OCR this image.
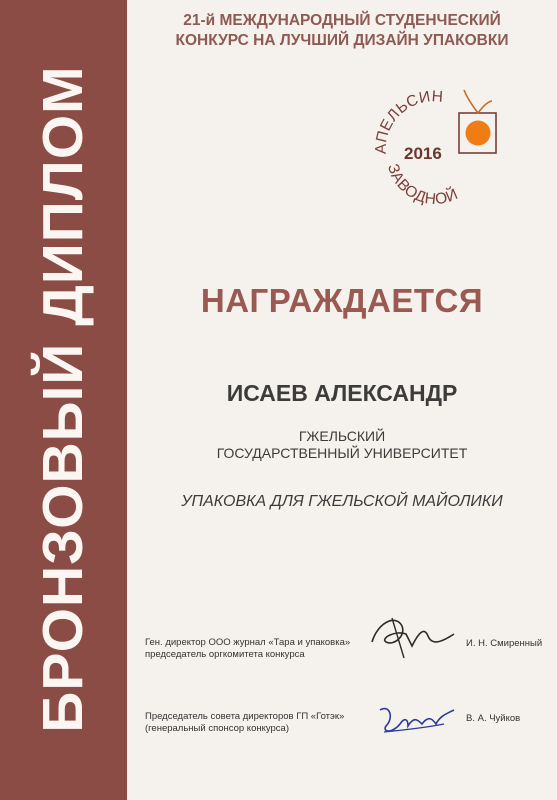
БРОНЗОВЫЙ ДИПЛОМ
21-й МЕЖДУНАРОДНЫЙ СТУДЕНЧЕСКИЙ
КОНКУРС НА ЛУЧШИЙ ДИЗАЙН УПАКОВКИ
АПЕЛЬСИН
ЗАВОДНОЙ
2016
НАГРАЖДАЕТСЯ
ИСАЕВ АЛЕКСАНДР
ГЖЕЛЬСКИЙ
ГОСУДАРСТВЕННЫЙ УНИВЕРСИТЕТ
УПАКОВКА ДЛЯ ГЖЕЛЬСКОЙ МАЙОЛИКИ
Ген. директор ООО журнал «Тара и упаковка»
председатель оргкомитета конкурса
И. Н. Смиренный
Председатель совета директоров ГП «Готэк»
(генеральный спонсор конкурса)
В. А. Чуйков
